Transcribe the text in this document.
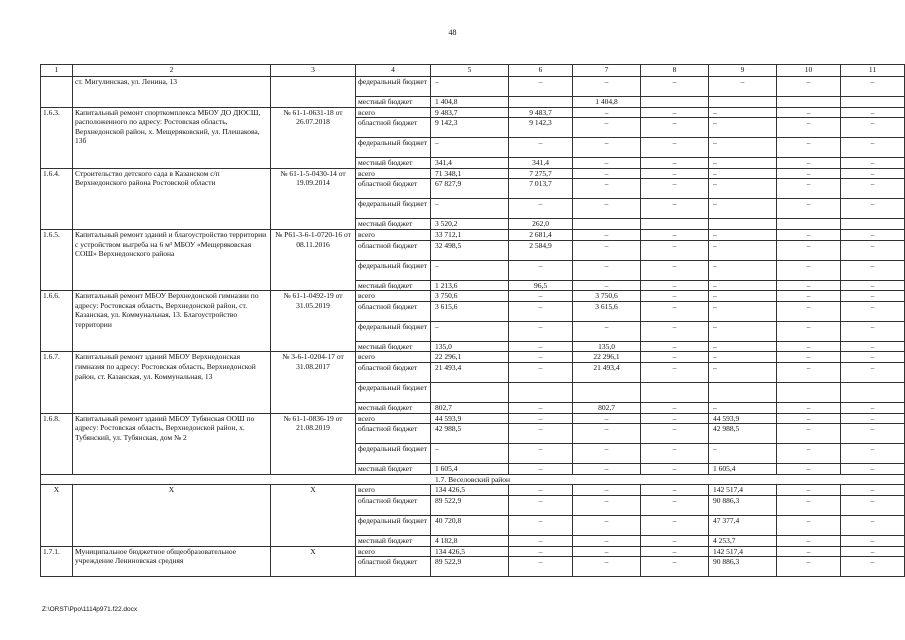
48
1	2	3	4	5	6	7	8	9	10	11
	ст. Мигулинская, ул. Ленина, 13		федеральный бюджет	–	–	–	–	–	–	–
			местный бюджет	1 404,8		1 404,8				
1.6.3.	Капитальный ремонт спорткомплекса МБОУ ДО ДЮСШ, расположенного по адресу: Ростовская область, Верхнедонской район, х. Мещеряковский, ул. Плешакова, 13б	№ 61-1-0631-18 от 26.07.2018	всего	9 483,7	9 483,7	–	–	–	–	–
			областной бюджет	9 142,3	9 142,3	–	–	–	–	–
			федеральный бюджет	–	–	–	–	–	–	–
			местный бюджет	341,4	341,4	–	–	–	–	–
1.6.4.	Строительство детского сада в Казанском с/п Верхнедонского района Ростовской области	№ 61-1-5-0430-14 от 19.09.2014	всего	71 348,1	7 275,7	–	–	–	–	–
			областной бюджет	67 827,9	7 013,7	–	–	–	–	–
			федеральный бюджет	–	–	–	–	–	–	–
			местный бюджет	3 520,2	262,0					
1.6.5.	Капитальный ремонт зданий и благоустройство территории с устройством выгреба на 6 м³ МБОУ «Мещеряковская СОШ» Верхнедонского района	№ Р61-3-6-1-0720-16 от 08.11.2016	всего	33 712,1	2 681,4	–	–	–	–	–
			областной бюджет	32 498,5	2 584,9	–	–	–	–	–
			федеральный бюджет	–	–	–	–	–	–	–
			местный бюджет	1 213,6	96,5	–	–	–	–	–
1.6.6.	Капитальный ремонт МБОУ Верхнедонской гимназии по адресу: Ростовская область, Верхнедонской район, ст. Казанская, ул. Коммунальная, 13. Благоустройство территории	№ 61-1-0492-19 от 31.05.2019	всего	3 750,6	–	3 750,6	–	–	–	–
			областной бюджет	3 615,6	–	3 615,6	–	–	–	–
			федеральный бюджет	–	–	–	–	–	–	–
			местный бюджет	135,0	–	135,0	–	–	–	–
1.6.7.	Капитальный ремонт зданий МБОУ Верхнедонская гимназия по адресу: Ростовская область, Верхнедонской район, ст. Казанская, ул. Коммунальная, 13	№ 3-6-1-0204-17 от 31.08.2017	всего	22 296,1	–	22 296,1	–	–	–	–
			областной бюджет	21 493,4	–	21 493,4	–	–	–	–
			федеральный бюджет							
			местный бюджет	802,7	–	802,7	–	–	–	–
1.6.8.	Капитальный ремонт зданий МБОУ Тубянская ООШ по адресу: Ростовская область, Верхнедонской район, х. Тубянский, ул. Тубянская, дом № 2	№ 61-1-0836-19 от 21.08.2019	всего	44 593,9	–	–	–	44 593,9	–	–
			областной бюджет	42 988,5	–	–	–	42 988,5	–	–
			федеральный бюджет	–	–	–	–	–	–	–
			местный бюджет	1 605,4	–	–	–	1 605,4	–	–
1.7. Веселовский район										
X	X	X	всего	134 426,5	–	–	–	142 517,4	–	–
			областной бюджет	89 522,9	–	–	–	90 886,3	–	–
			федеральный бюджет	40 720,8	–	–	–	47 377,4	–	–
			местный бюджет	4 182,8	–	–	–	4 253,7	–	–
1.7.1.	Муниципальное бюджетное общеобразовательное учреждение Лениновская средняя	X	всего	134 426,5	–	–	–	142 517,4	–	–
			областной бюджет	89 522,9	–	–	–	90 886,3	–	–
Z:\ORST\Ppo\1114p971.f22.docx
